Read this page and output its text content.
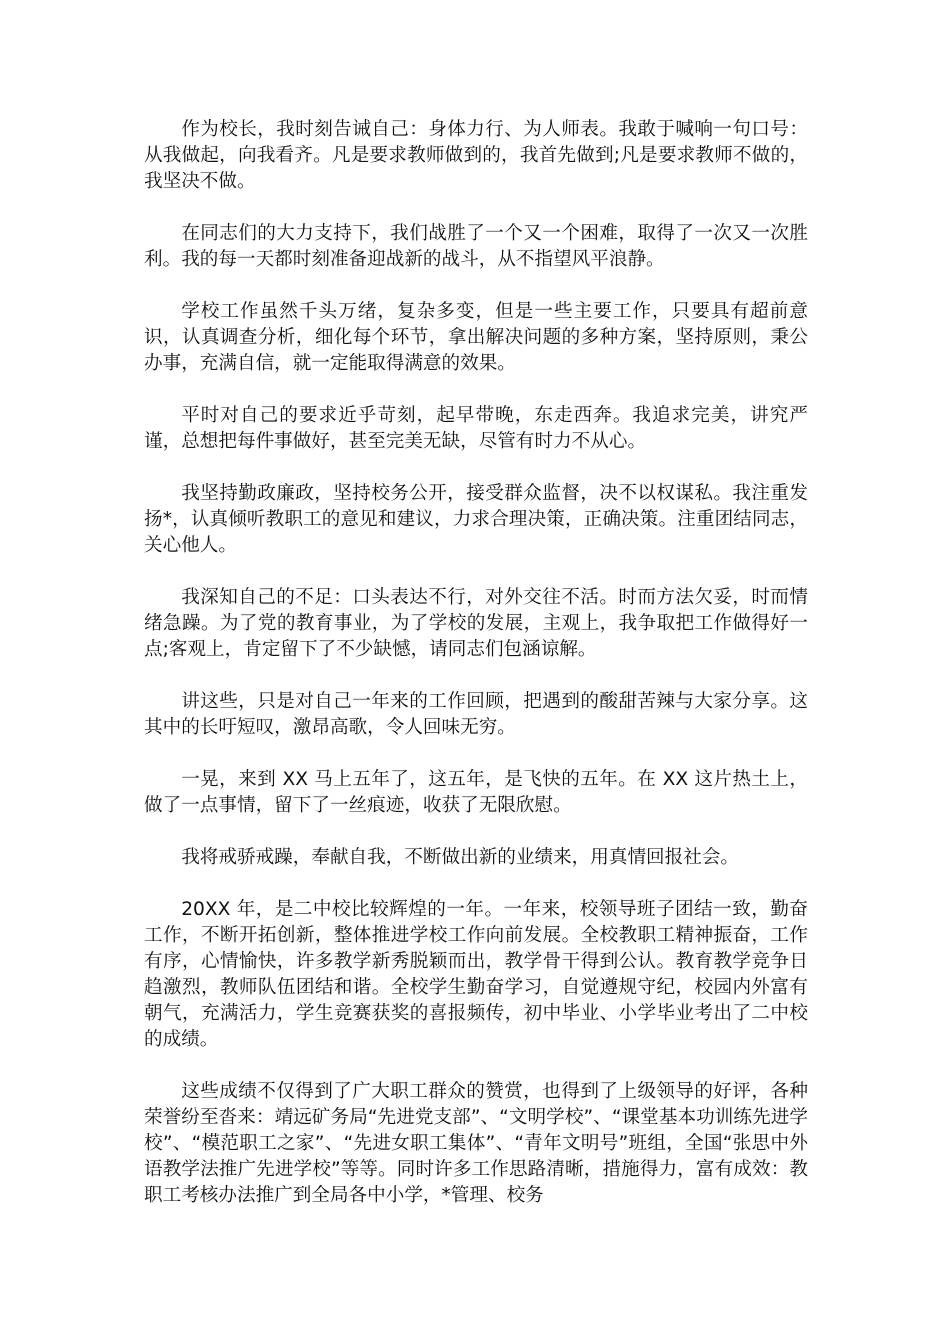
作为校长，我时刻告诫自己：身体力行、为人师表。我敢于喊响一句口号：从我做起，向我看齐。凡是要求教师做到的，我首先做到;凡是要求教师不做的，我坚决不做。

在同志们的大力支持下，我们战胜了一个又一个困难，取得了一次又一次胜利。我的每一天都时刻准备迎战新的战斗，从不指望风平浪静。

学校工作虽然千头万绪，复杂多变，但是一些主要工作，只要具有超前意识，认真调查分析，细化每个环节，拿出解决问题的多种方案，坚持原则，秉公办事，充满自信，就一定能取得满意的效果。

平时对自己的要求近乎苛刻，起早带晚，东走西奔。我追求完美，讲究严谨，总想把每件事做好，甚至完美无缺，尽管有时力不从心。

我坚持勤政廉政，坚持校务公开，接受群众监督，决不以权谋私。我注重发扬*，认真倾听教职工的意见和建议，力求合理决策，正确决策。注重团结同志，关心他人。

我深知自己的不足：口头表达不行，对外交往不活。时而方法欠妥，时而情绪急躁。为了党的教育事业，为了学校的发展，主观上，我争取把工作做得好一点;客观上，肯定留下了不少缺憾，请同志们包涵谅解。

讲这些，只是对自己一年来的工作回顾，把遇到的酸甜苦辣与大家分享。这其中的长吁短叹，激昂高歌，令人回味无穷。

一晃，来到 XX 马上五年了，这五年，是飞快的五年。在 XX 这片热土上，做了一点事情，留下了一丝痕迹，收获了无限欣慰。

我将戒骄戒躁，奉献自我，不断做出新的业绩来，用真情回报社会。

20XX 年，是二中校比较辉煌的一年。一年来，校领导班子团结一致，勤奋工作，不断开拓创新，整体推进学校工作向前发展。全校教职工精神振奋，工作有序，心情愉快，许多教学新秀脱颖而出，教学骨干得到公认。教育教学竞争日趋激烈，教师队伍团结和谐。全校学生勤奋学习，自觉遵规守纪，校园内外富有朝气，充满活力，学生竞赛获奖的喜报频传，初中毕业、小学毕业考出了二中校的成绩。

这些成绩不仅得到了广大职工群众的赞赏，也得到了上级领导的好评，各种荣誉纷至沓来：靖远矿务局“先进党支部”、“文明学校”、“课堂基本功训练先进学校”、“模范职工之家”、“先进女职工集体”、“青年文明号”班组，全国“张思中外语教学法推广先进学校”等等。同时许多工作思路清晰，措施得力，富有成效：教职工考核办法推广到全局各中小学，*管理、校务
